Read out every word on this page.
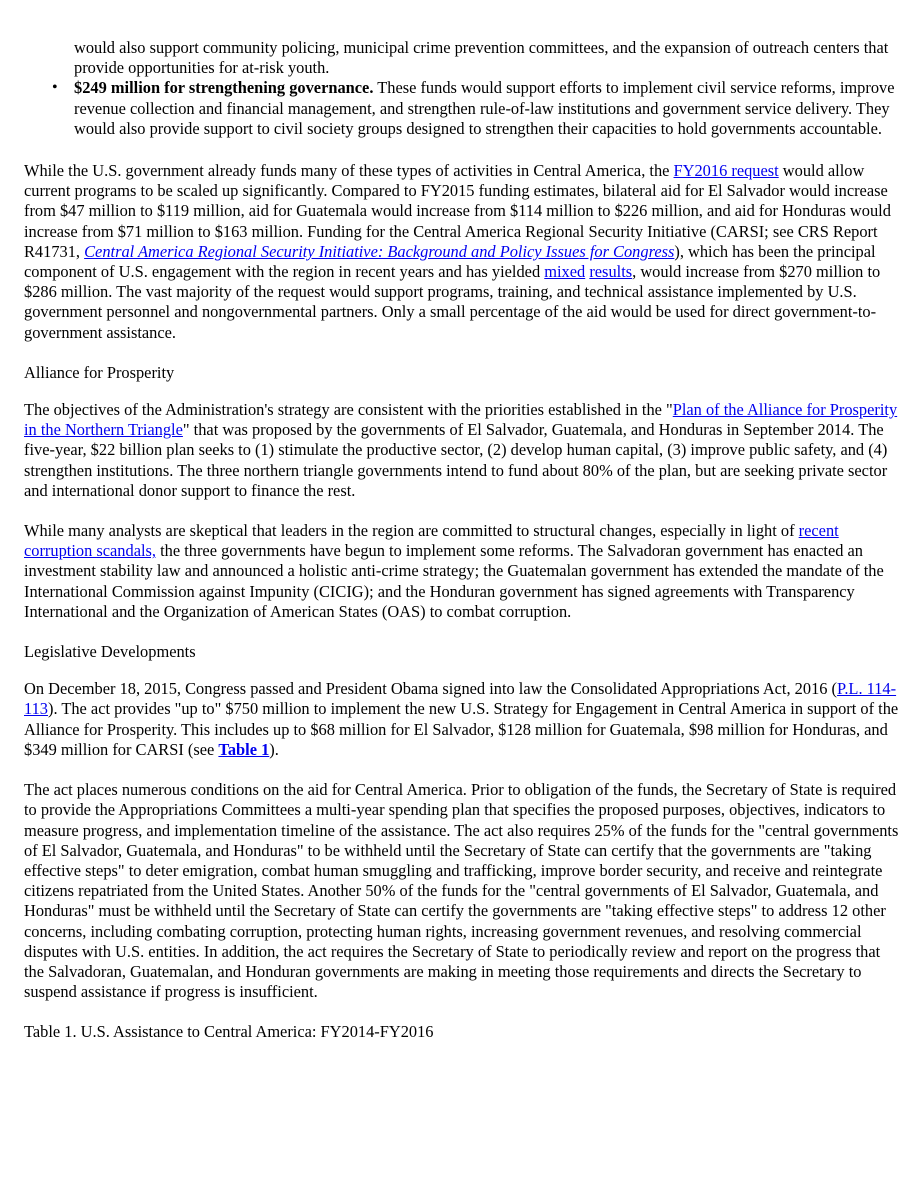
would also support community policing, municipal crime prevention committees, and the expansion of outreach centers that provide opportunities for at-risk youth.
• $249 million for strengthening governance. These funds would support efforts to implement civil service reforms, improve revenue collection and financial management, and strengthen rule-of-law institutions and government service delivery. They would also provide support to civil society groups designed to strengthen their capacities to hold governments accountable.

While the U.S. government already funds many of these types of activities in Central America, the FY2016 request would allow current programs to be scaled up significantly. Compared to FY2015 funding estimates, bilateral aid for El Salvador would increase from $47 million to $119 million, aid for Guatemala would increase from $114 million to $226 million, and aid for Honduras would increase from $71 million to $163 million. Funding for the Central America Regional Security Initiative (CARSI; see CRS Report R41731, Central America Regional Security Initiative: Background and Policy Issues for Congress), which has been the principal component of U.S. engagement with the region in recent years and has yielded mixed results, would increase from $270 million to $286 million. The vast majority of the request would support programs, training, and technical assistance implemented by U.S. government personnel and nongovernmental partners. Only a small percentage of the aid would be used for direct government-to-government assistance.

Alliance for Prosperity

The objectives of the Administration's strategy are consistent with the priorities established in the "Plan of the Alliance for Prosperity in the Northern Triangle" that was proposed by the governments of El Salvador, Guatemala, and Honduras in September 2014. The five-year, $22 billion plan seeks to (1) stimulate the productive sector, (2) develop human capital, (3) improve public safety, and (4) strengthen institutions. The three northern triangle governments intend to fund about 80% of the plan, but are seeking private sector and international donor support to finance the rest.

While many analysts are skeptical that leaders in the region are committed to structural changes, especially in light of recent corruption scandals, the three governments have begun to implement some reforms. The Salvadoran government has enacted an investment stability law and announced a holistic anti-crime strategy; the Guatemalan government has extended the mandate of the International Commission against Impunity (CICIG); and the Honduran government has signed agreements with Transparency International and the Organization of American States (OAS) to combat corruption.

Legislative Developments

On December 18, 2015, Congress passed and President Obama signed into law the Consolidated Appropriations Act, 2016 (P.L. 114-113). The act provides "up to" $750 million to implement the new U.S. Strategy for Engagement in Central America in support of the Alliance for Prosperity. This includes up to $68 million for El Salvador, $128 million for Guatemala, $98 million for Honduras, and $349 million for CARSI (see Table 1).

The act places numerous conditions on the aid for Central America. Prior to obligation of the funds, the Secretary of State is required to provide the Appropriations Committees a multi-year spending plan that specifies the proposed purposes, objectives, indicators to measure progress, and implementation timeline of the assistance. The act also requires 25% of the funds for the "central governments of El Salvador, Guatemala, and Honduras" to be withheld until the Secretary of State can certify that the governments are "taking effective steps" to deter emigration, combat human smuggling and trafficking, improve border security, and receive and reintegrate citizens repatriated from the United States. Another 50% of the funds for the "central governments of El Salvador, Guatemala, and Honduras" must be withheld until the Secretary of State can certify the governments are "taking effective steps" to address 12 other concerns, including combating corruption, protecting human rights, increasing government revenues, and resolving commercial disputes with U.S. entities. In addition, the act requires the Secretary of State to periodically review and report on the progress that the Salvadoran, Guatemalan, and Honduran governments are making in meeting those requirements and directs the Secretary to suspend assistance if progress is insufficient.

Table 1. U.S. Assistance to Central America: FY2014-FY2016
